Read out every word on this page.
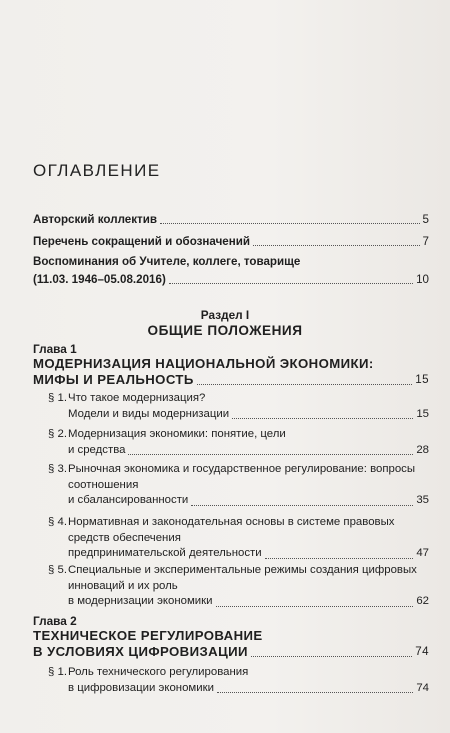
ОГЛАВЛЕНИЕ
Авторский коллектив	5
Перечень сокращений и обозначений	7
Воспоминания об Учителе, коллеге, товарище
(11.03. 1946–05.08.2016)	10
Раздел I
ОБЩИЕ ПОЛОЖЕНИЯ
Глава 1
МОДЕРНИЗАЦИЯ НАЦИОНАЛЬНОЙ ЭКОНОМИКИ:
МИФЫ И РЕАЛЬНОСТЬ	15
§ 1. Что такое модернизация?
Модели и виды модернизации	15
§ 2. Модернизация экономики: понятие, цели
и средства	28
§ 3. Рыночная экономика и государственное регулирование: вопросы соотношения
и сбалансированности	35
§ 4. Нормативная и законодательная основы в системе правовых средств обеспечения
предпринимательской деятельности	47
§ 5. Специальные и экспериментальные режимы создания цифровых инноваций и их роль
в модернизации экономики	62
Глава 2
ТЕХНИЧЕСКОЕ РЕГУЛИРОВАНИЕ
В УСЛОВИЯХ ЦИФРОВИЗАЦИИ	74
§ 1. Роль технического регулирования
в цифровизации экономики	74
